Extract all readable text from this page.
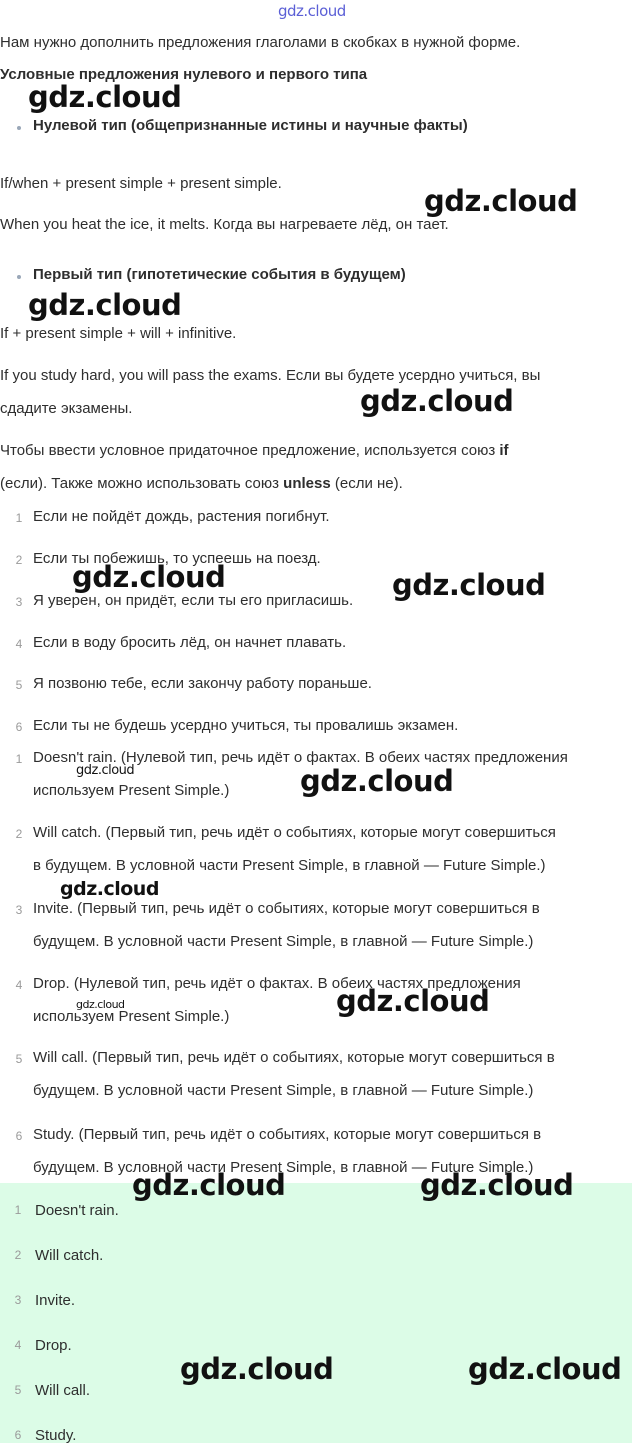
gdz.cloud
Нам нужно дополнить предложения глаголами в скобках в нужной форме.
Условные предложения нулевого и первого типа
Нулевой тип (общепризнанные истины и научные факты)
If/when + present simple + present simple.
When you heat the ice, it melts. Когда вы нагреваете лёд, он тает.
Первый тип (гипотетические события в будущем)
If + present simple + will + infinitive.
If you study hard, you will pass the exams. Если вы будете усердно учиться, вы
сдадите экзамены.
Чтобы ввести условное придаточное предложение, используется союз if
(если). Также можно использовать союз unless (если не).
1 Если не пойдёт дождь, растения погибнут.
2 Если ты побежишь, то успеешь на поезд.
3 Я уверен, он придёт, если ты его пригласишь.
4 Если в воду бросить лёд, он начнет плавать.
5 Я позвоню тебе, если закончу работу пораньше.
6 Если ты не будешь усердно учиться, ты провалишь экзамен.
1 Doesn't rain. (Нулевой тип, речь идёт о фактах. В обеих частях предложения
используем Present Simple.)
2 Will catch. (Первый тип, речь идёт о событиях, которые могут совершиться
в будущем. В условной части Present Simple, в главной — Future Simple.)
3 Invite. (Первый тип, речь идёт о событиях, которые могут совершиться в
будущем. В условной части Present Simple, в главной — Future Simple.)
4 Drop. (Нулевой тип, речь идёт о фактах. В обеих частях предложения
используем Present Simple.)
5 Will call. (Первый тип, речь идёт о событиях, которые могут совершиться в
будущем. В условной части Present Simple, в главной — Future Simple.)
6 Study. (Первый тип, речь идёт о событиях, которые могут совершиться в
будущем. В условной части Present Simple, в главной — Future Simple.)
1 Doesn't rain.
2 Will catch.
3 Invite.
4 Drop.
5 Will call.
6 Study.
gdz.cloud
gdz.cloud
gdz.cloud
gdz.cloud
gdz.cloud	gdz.cloud
gdz.cloud	gdz.cloud
gdz.cloud
gdz.cloud	gdz.cloud
gdz.cloud	gdz.cloud
gdz.cloud	gdz.cloud
